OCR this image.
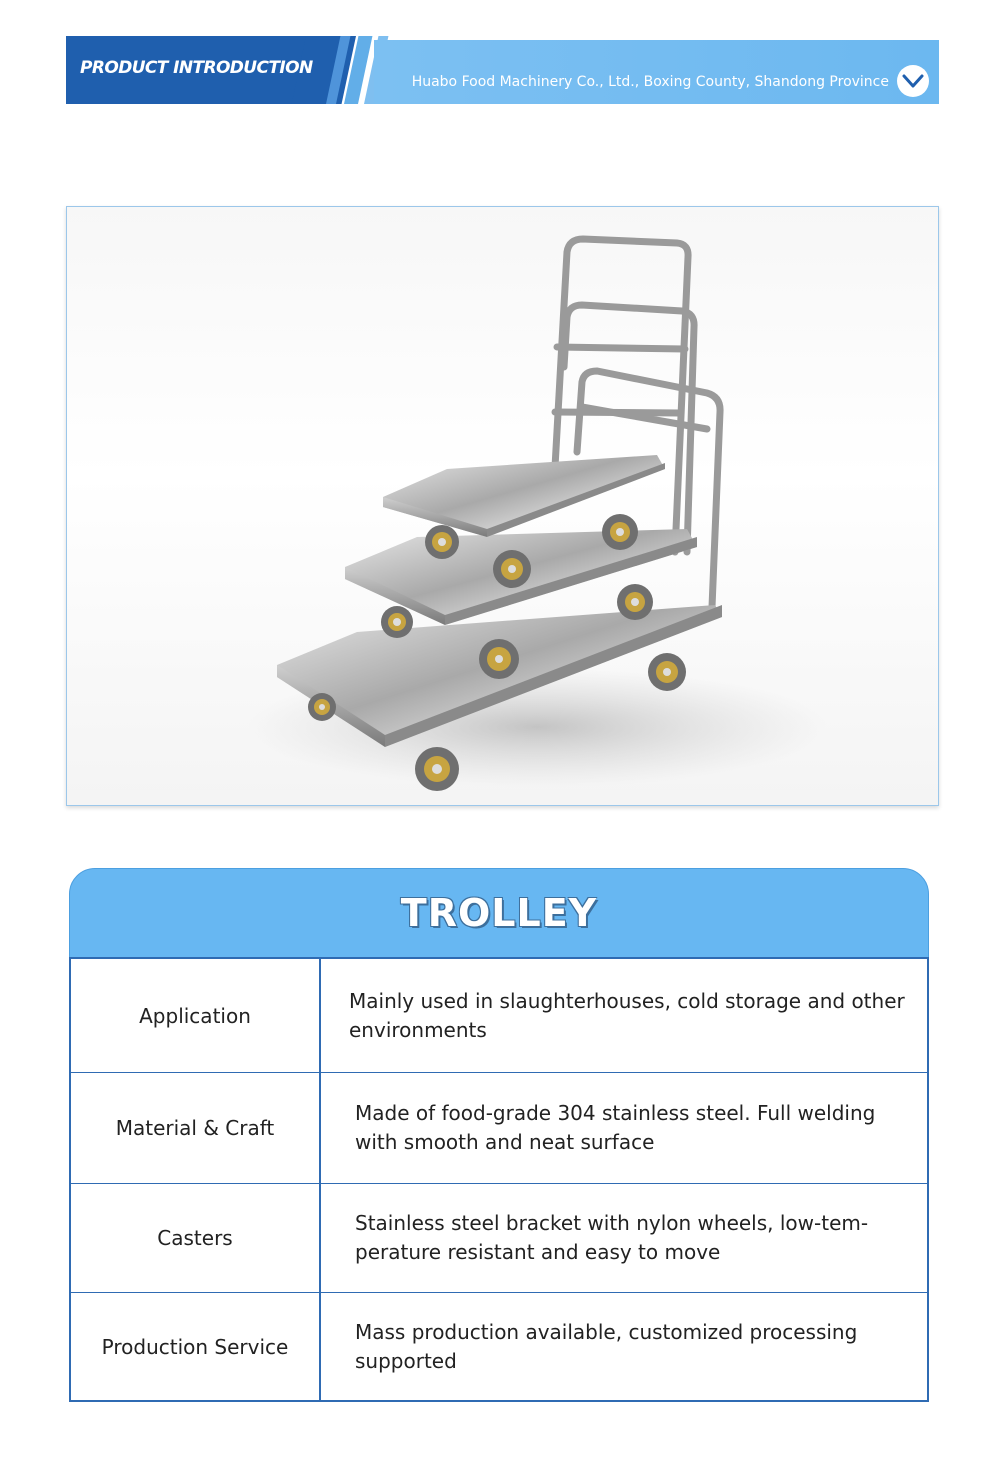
PRODUCT INTRODUCTION
Huabo Food Machinery Co., Ltd., Boxing County, Shandong Province
TROLLEY
Application
Mainly used in slaughterhouses, cold storage and other environments
Material & Craft
Made of food-grade 304 stainless steel. Full welding with smooth and neat surface
Casters
Stainless steel bracket with nylon wheels, low-tem-perature resistant and easy to move
Production Service
Mass production available, customized processing supported
